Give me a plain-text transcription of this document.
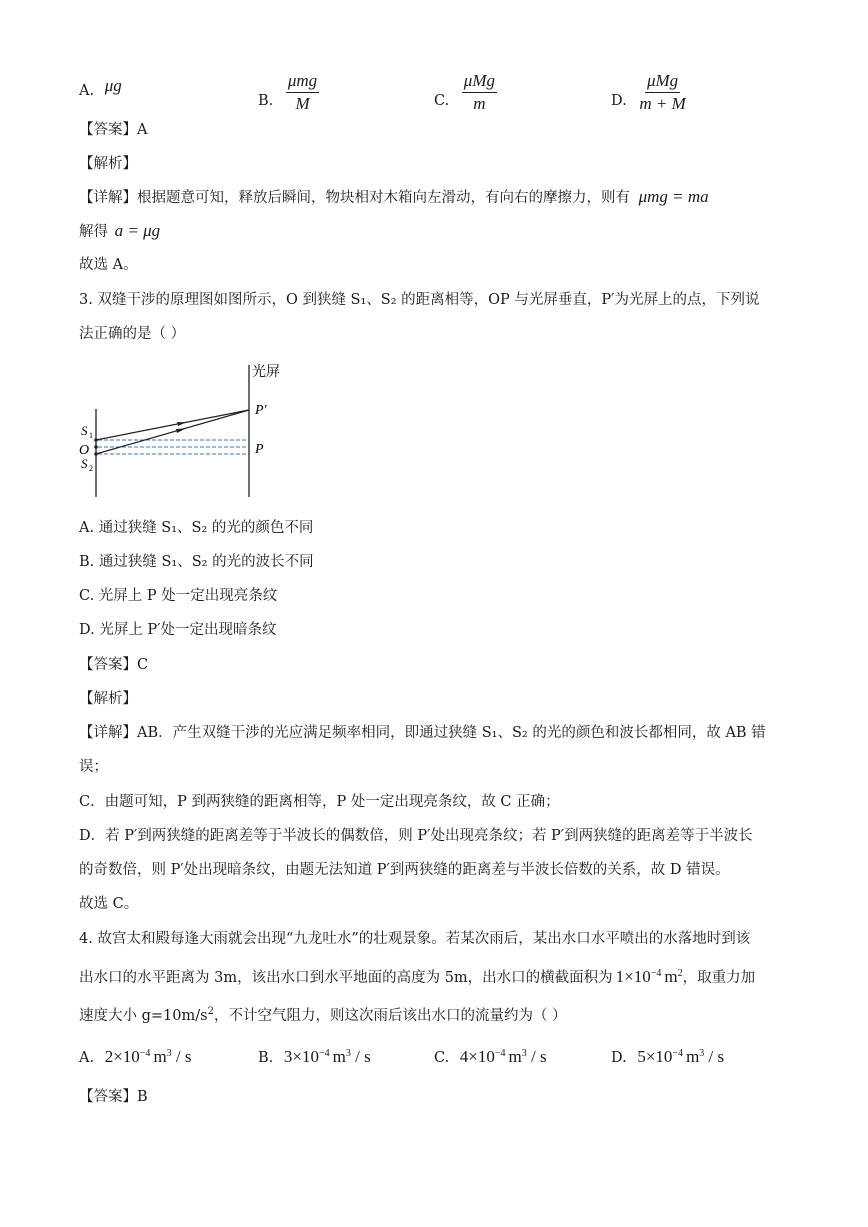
A. μg
B. $\frac{\text{μmg}}{M}$	C. $\frac{\text{μMg}}{m}$	D. $\frac{\text{μMg}}{m + M}$
【答案】A
【解析】
【详解】根据题意可知，释放后瞬间，物块相对木箱向左滑动，有向右的摩擦力，则有 μmg = ma
解得 a = μg
故选 A。
3. 双缝干涉的原理图如图所示，O 到狭缝 S₁、S₂ 的距离相等，OP 与光屏垂直，P′为光屏上的点，下列说
法正确的是（ ）
光屏
P′
P
O
S 1
S 2
A. 通过狭缝 S₁、S₂ 的光的颜色不同
B. 通过狭缝 S₁、S₂ 的光的波长不同
C. 光屏上 P 处一定出现亮条纹
D. 光屏上 P′处一定出现暗条纹
【答案】C
【解析】
【详解】AB．产生双缝干涉的光应满足频率相同，即通过狭缝 S₁、S₂ 的光的颜色和波长都相同，故 AB 错
误；
C．由题可知，P 到两狭缝的距离相等，P 处一定出现亮条纹，故 C 正确；
D．若 P′到两狭缝的距离差等于半波长的偶数倍，则 P′处出现亮条纹；若 P′到两狭缝的距离差等于半波长
的奇数倍，则 P′处出现暗条纹，由题无法知道 P′到两狭缝的距离差与半波长倍数的关系，故 D 错误。
故选 C。
4. 故宫太和殿每逢大雨就会出现“九龙吐水”的壮观景象。若某次雨后，某出水口水平喷出的水落地时到该
出水口的水平距离为 3m，该出水口到水平地面的高度为 5m，出水口的横截面积为 $1\times 10^{-4}$ $m^2$，取重力加
速度大小 $g=10m/s^2$，不计空气阻力，则这次雨后该出水口的流量约为（ ）
A. $2\times 10^{-4}$ $m^3$ / s	B. $3\times 10^{-4}$ $m^3$ / s	C. $4\times 10^{-4}$ $m^3$ / s	D. $5\times 10^{-4}$ $m^3$ / s
【答案】B
